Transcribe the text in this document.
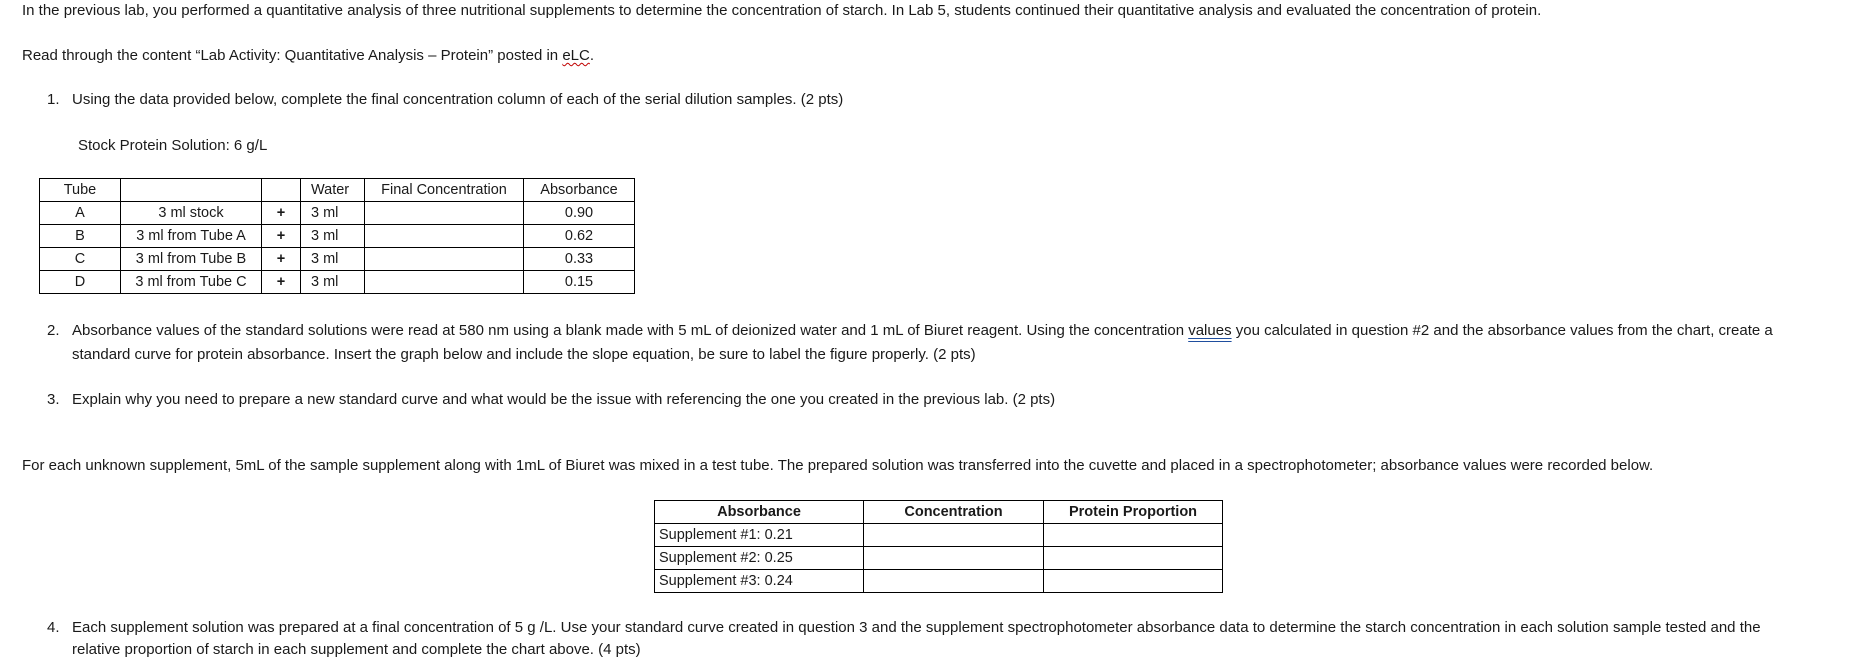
In the previous lab, you performed a quantitative analysis of three nutritional supplements to determine the concentration of starch. In Lab 5, students continued their quantitative analysis and evaluated the concentration of protein.
Read through the content “Lab Activity: Quantitative Analysis – Protein” posted in eLC.
1. Using the data provided below, complete the final concentration column of each of the serial dilution samples. (2 pts)
Stock Protein Solution: 6 g/L
Tube			Water	Final Concentration	Absorbance
A	3 ml stock	+	3 ml		0.90
B	3 ml from Tube A	+	3 ml		0.62
C	3 ml from Tube B	+	3 ml		0.33
D	3 ml from Tube C	+	3 ml		0.15
2. Absorbance values of the standard solutions were read at 580 nm using a blank made with 5 mL of deionized water and 1 mL of Biuret reagent. Using the concentration values you calculated in question #2 and the absorbance values from the chart, create a
standard curve for protein absorbance. Insert the graph below and include the slope equation, be sure to label the figure properly. (2 pts)
3. Explain why you need to prepare a new standard curve and what would be the issue with referencing the one you created in the previous lab. (2 pts)
For each unknown supplement, 5mL of the sample supplement along with 1mL of Biuret was mixed in a test tube. The prepared solution was transferred into the cuvette and placed in a spectrophotometer; absorbance values were recorded below.
Absorbance	Concentration	Protein Proportion
Supplement #1: 0.21		
Supplement #2: 0.25		
Supplement #3: 0.24		
4. Each supplement solution was prepared at a final concentration of 5 g /L. Use your standard curve created in question 3 and the supplement spectrophotometer absorbance data to determine the starch concentration in each solution sample tested and the
relative proportion of starch in each supplement and complete the chart above. (4 pts)
